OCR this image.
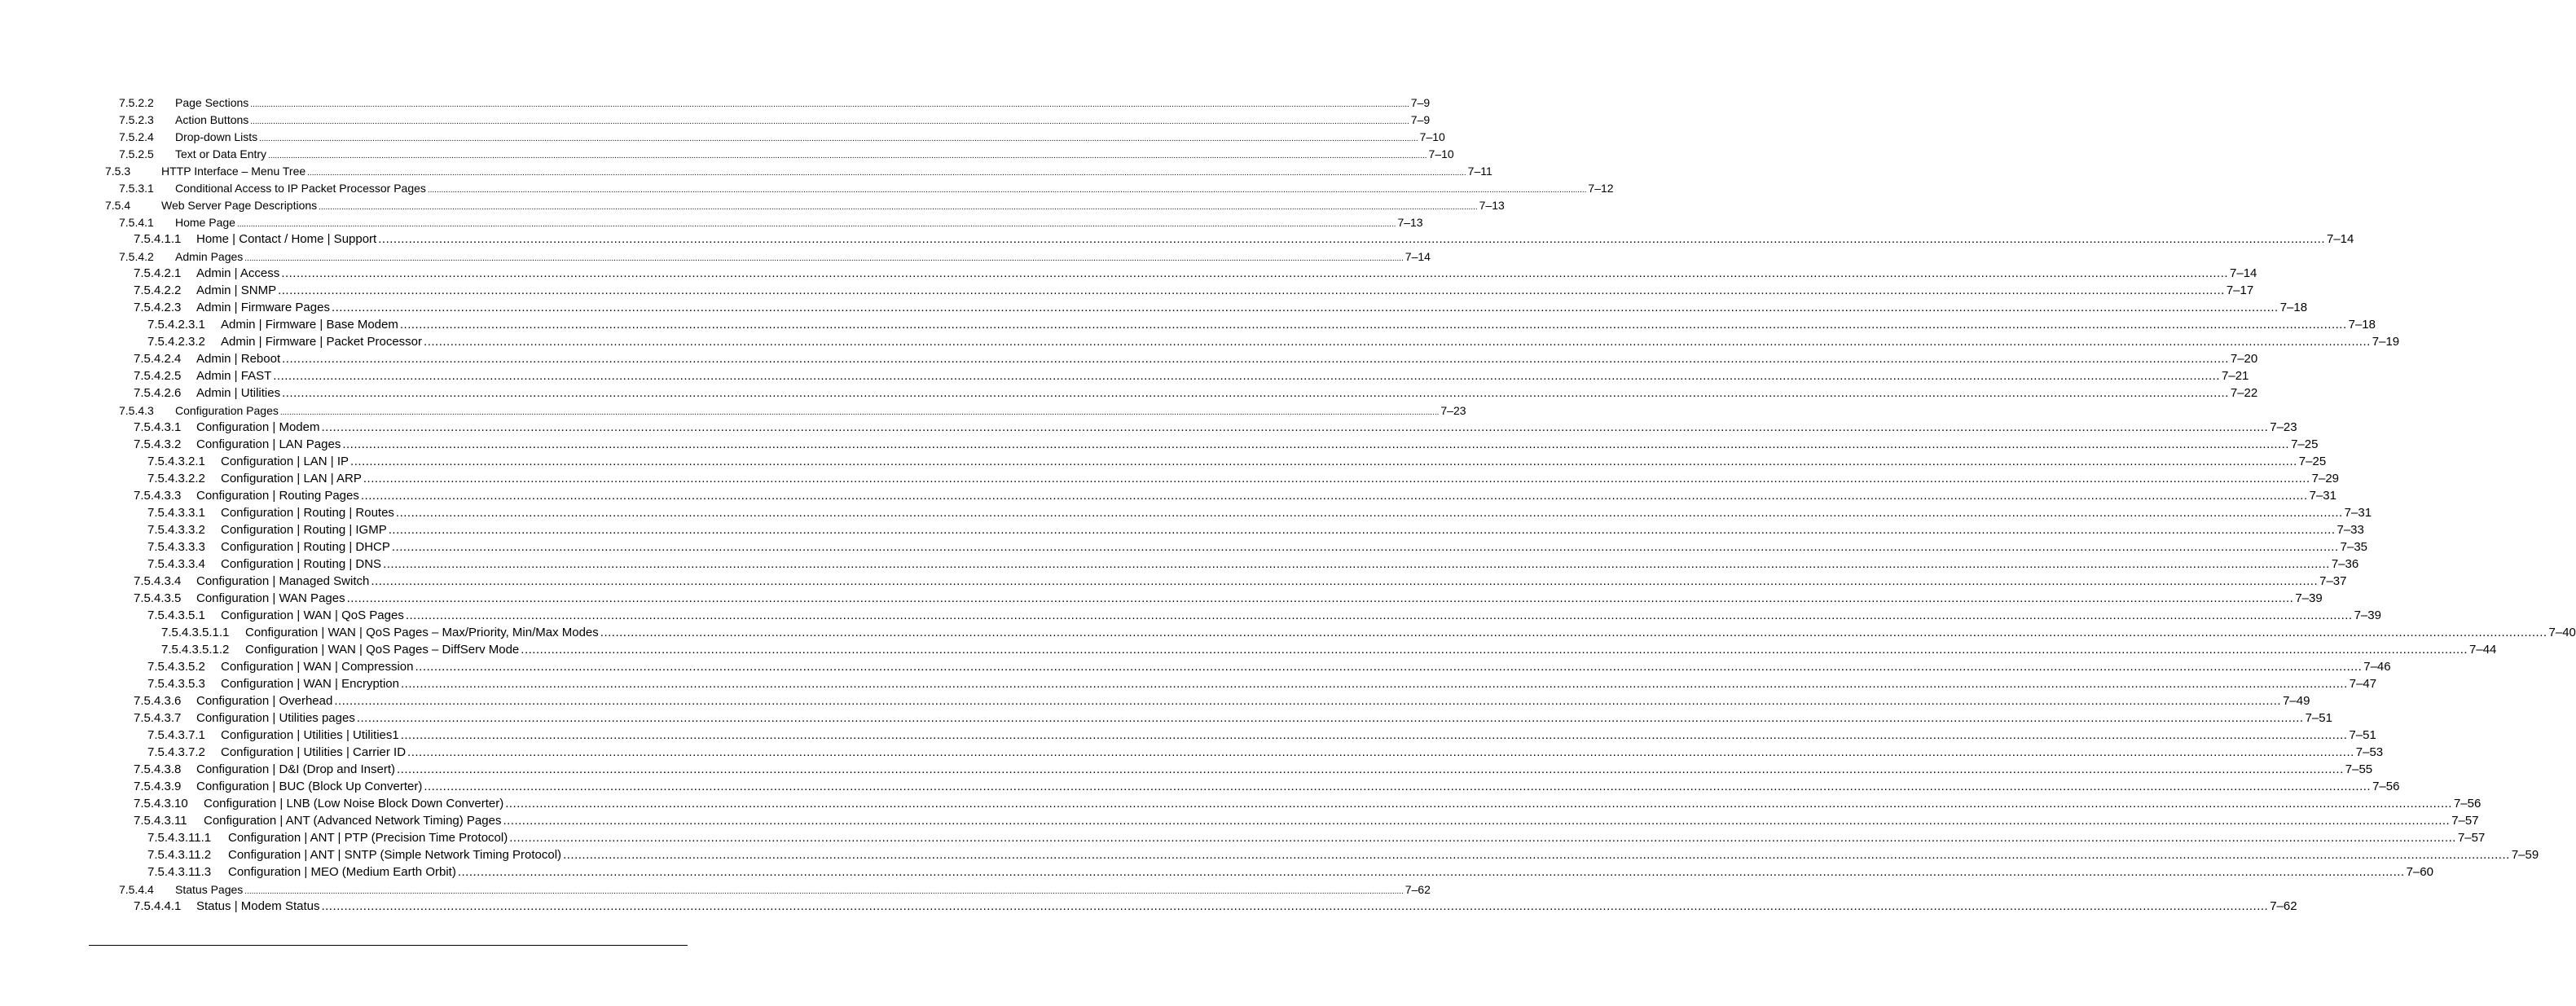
7.5.2.2	Page Sections .....	7–9
7.5.2.3	Action Buttons .....	7–9
7.5.2.4	Drop-down Lists .....	7–10
7.5.2.5	Text or Data Entry .....	7–10
7.5.3	HTTP Interface – Menu Tree .....	7–11
7.5.3.1	Conditional Access to IP Packet Processor Pages .....	7–12
7.5.4	Web Server Page Descriptions .....	7–13
7.5.4.1	Home Page .....	7–13
7.5.4.1.1	Home | Contact / Home | Support .....	7–14
7.5.4.2	Admin Pages .....	7–14
7.5.4.2.1	Admin | Access .....	7–14
7.5.4.2.2	Admin | SNMP .....	7–17
7.5.4.2.3	Admin | Firmware Pages .....	7–18
7.5.4.2.3.1	Admin | Firmware | Base Modem .....	7–18
7.5.4.2.3.2	Admin | Firmware | Packet Processor .....	7–19
7.5.4.2.4	Admin | Reboot .....	7–20
7.5.4.2.5	Admin | FAST .....	7–21
7.5.4.2.6	Admin | Utilities .....	7–22
7.5.4.3	Configuration Pages .....	7–23
7.5.4.3.1	Configuration | Modem .....	7–23
7.5.4.3.2	Configuration | LAN Pages .....	7–25
7.5.4.3.2.1	Configuration | LAN | IP .....	7–25
7.5.4.3.2.2	Configuration | LAN | ARP .....	7–29
7.5.4.3.3	Configuration | Routing Pages .....	7–31
7.5.4.3.3.1	Configuration | Routing | Routes .....	7–31
7.5.4.3.3.2	Configuration | Routing | IGMP .....	7–33
7.5.4.3.3.3	Configuration | Routing | DHCP .....	7–35
7.5.4.3.3.4	Configuration | Routing | DNS .....	7–36
7.5.4.3.4	Configuration | Managed Switch .....	7–37
7.5.4.3.5	Configuration | WAN Pages .....	7–39
7.5.4.3.5.1	Configuration | WAN | QoS Pages .....	7–39
7.5.4.3.5.1.1	Configuration | WAN | QoS Pages – Max/Priority, Min/Max Modes .....	7–40
7.5.4.3.5.1.2	Configuration | WAN | QoS Pages – DiffServ Mode .....	7–44
7.5.4.3.5.2	Configuration | WAN | Compression .....	7–46
7.5.4.3.5.3	Configuration | WAN | Encryption .....	7–47
7.5.4.3.6	Configuration | Overhead .....	7–49
7.5.4.3.7	Configuration | Utilities pages .....	7–51
7.5.4.3.7.1	Configuration | Utilities | Utilities1 .....	7–51
7.5.4.3.7.2	Configuration | Utilities | Carrier ID .....	7–53
7.5.4.3.8	Configuration | D&I (Drop and Insert) .....	7–55
7.5.4.3.9	Configuration | BUC (Block Up Converter) .....	7–56
7.5.4.3.10	Configuration | LNB (Low Noise Block Down Converter) .....	7–56
7.5.4.3.11	Configuration | ANT (Advanced Network Timing) Pages .....	7–57
7.5.4.3.11.1	Configuration | ANT | PTP (Precision Time Protocol) .....	7–57
7.5.4.3.11.2	Configuration | ANT | SNTP (Simple Network Timing Protocol) .....	7–59
7.5.4.3.11.3	Configuration | MEO (Medium Earth Orbit) .....	7–60
7.5.4.4	Status Pages .....	7–62
7.5.4.4.1	Status | Modem Status .....	7–62
